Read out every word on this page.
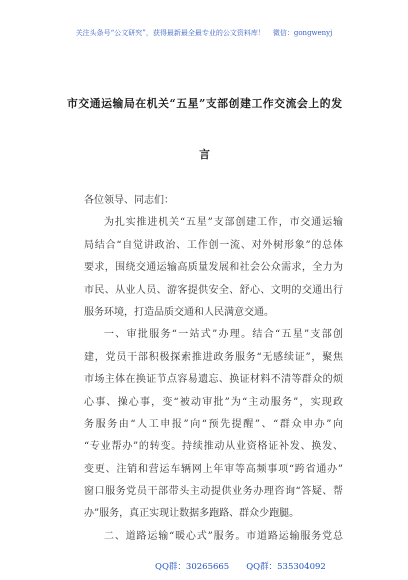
关注头条号“公文研究”，获得最新最全最专业的公文资料库！ 微信：gongwenyj
市交通运输局在机关“五星”支部创建工作交流会上的发
言
各位领导、同志们：
为扎实推进机关“五星”支部创建工作，市交通运输
局结合“自觉讲政治、工作创一流、对外树形象”的总体
要求，围绕交通运输高质量发展和社会公众需求，全力为
市民、从业人员、游客提供安全、舒心、文明的交通出行
服务环境，打造品质交通和人民满意交通。
一、审批服务“一站式”办理。结合“五星”支部创
建，党员干部积极探索推进政务服务“无感续证”，聚焦
市场主体在换证节点容易遗忘、换证材料不清等群众的烦
心事、操心事，变“被动审批”为“主动服务”，实现政
务服务由“人工申报”向“预先提醒”、“群众申办”向
“专业帮办”的转变。持续推动从业资格证补发、换发、
变更、注销和营运车辆网上年审等高频事项“跨省通办”
窗口服务党员干部带头主动提供业务办理咨询“答疑、帮
办”服务，真正实现让数据多跑路、群众少跑腿。
二、道路运输“暖心式”服务。市道路运输服务党总
QQ群：30265665 QQ群：535304092
